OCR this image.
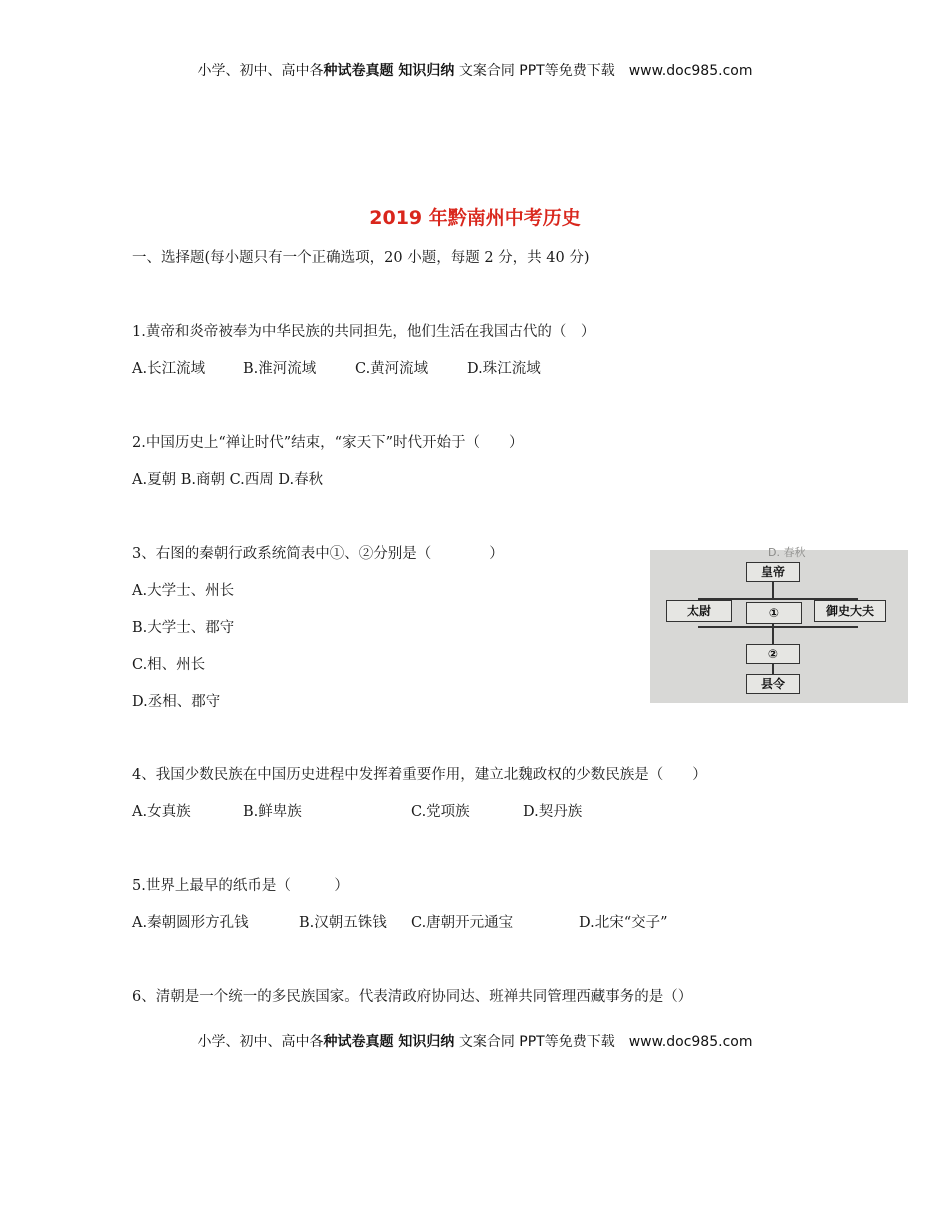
小学、初中、高中各种试卷真题 知识归纳 文案合同 PPT等免费下载 www.doc985.com
2019 年黔南州中考历史
一、选择题(每小题只有一个正确选项，20 小题，每题 2 分，共 40 分)
1.黄帝和炎帝被奉为中华民族的共同担先，他们生活在我国古代的（　）
A.长江流域	B.淮河流域	C.黄河流域	D.珠江流域
2.中国历史上“禅让时代”结束，“家天下”时代开始于（　　）
A.夏朝 B.商朝 C.西周 D.春秋
3、右图的秦朝行政系统简表中①、②分别是（　　　　）
A.大学士、州长
B.大学士、郡守
C.相、州长
D.丞相、郡守
D. 春秋
皇帝
太尉	①	御史大夫
②
县令
4、我国少数民族在中国历史进程中发挥着重要作用，建立北魏政权的少数民族是（　　）
A.女真族	B.鲜卑族	C.党项族	D.契丹族
5.世界上最早的纸币是（　　　）
A.秦朝圆形方孔钱	B.汉朝五铢钱 C.唐朝开元通宝	D.北宋“交子”
6、清朝是一个统一的多民族国家。代表清政府协同达、班禅共同管理西藏事务的是（）
小学、初中、高中各种试卷真题 知识归纳 文案合同 PPT等免费下载 www.doc985.com
